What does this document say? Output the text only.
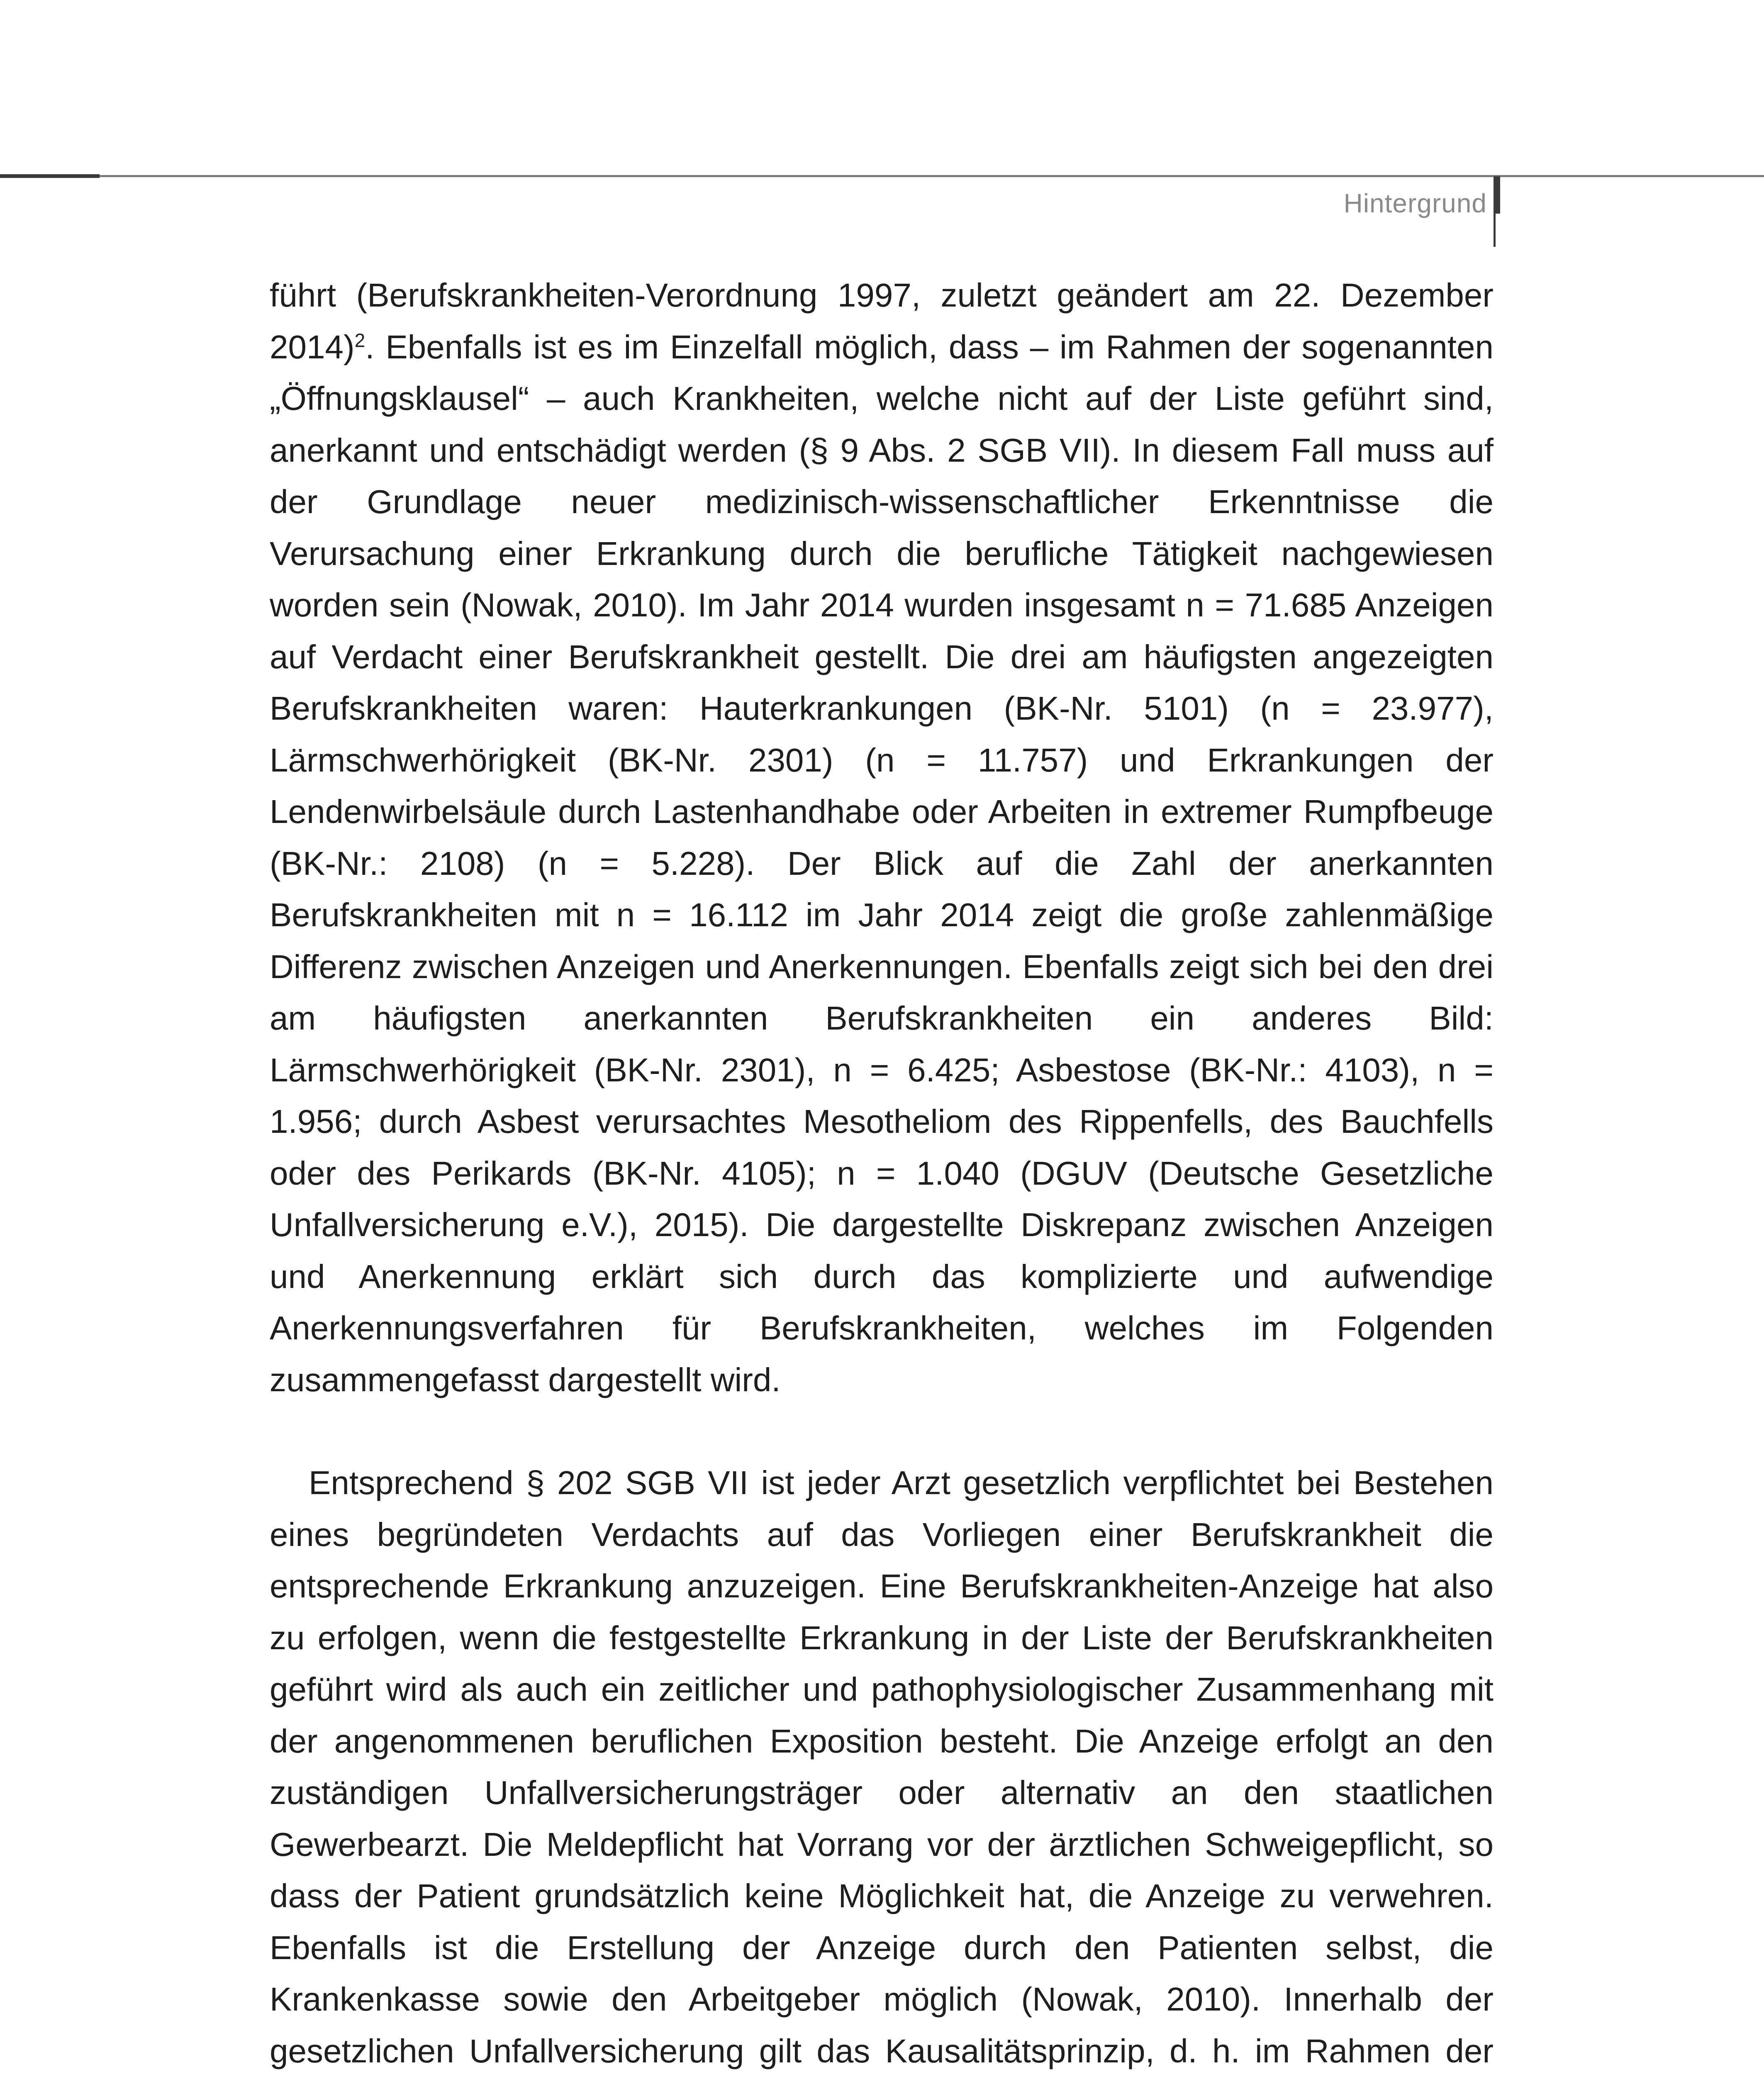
Hintergrund

führt (Berufskrankheiten-Verordnung 1997, zuletzt geändert am 22. Dezember 2014)$^2$. Ebenfalls ist es im Einzelfall möglich, dass – im Rahmen der sogenannten „Öffnungsklausel“ – auch Krankheiten, welche nicht auf der Liste geführt sind, anerkannt und entschädigt werden (§ 9 Abs. 2 SGB VII). In diesem Fall muss auf der Grundlage neuer medizinisch-wissenschaftlicher Erkenntnisse die Verursachung einer Erkrankung durch die berufliche Tätigkeit nachgewiesen worden sein (Nowak, 2010). Im Jahr 2014 wurden insgesamt n = 71.685 Anzeigen auf Verdacht einer Berufskrankheit gestellt. Die drei am häufigsten angezeigten Berufskrankheiten waren: Hauterkrankungen (BK-Nr. 5101) (n = 23.977), Lärmschwerhörigkeit (BK-Nr. 2301) (n = 11.757) und Erkrankungen der Lendenwirbelsäule durch Lastenhandhabe oder Arbeiten in extremer Rumpfbeuge (BK-Nr.: 2108) (n = 5.228). Der Blick auf die Zahl der anerkannten Berufskrankheiten mit n = 16.112 im Jahr 2014 zeigt die große zahlenmäßige Differenz zwischen Anzeigen und Anerkennungen. Ebenfalls zeigt sich bei den drei am häufigsten anerkannten Berufskrankheiten ein anderes Bild: Lärmschwerhörigkeit (BK-Nr. 2301), n = 6.425; Asbestose (BK-Nr.: 4103), n = 1.956; durch Asbest verursachtes Mesotheliom des Rippenfells, des Bauchfells oder des Perikards (BK-Nr. 4105); n = 1.040 (DGUV (Deutsche Gesetzliche Unfallversicherung e.V.), 2015). Die dargestellte Diskrepanz zwischen Anzeigen und Anerkennung erklärt sich durch das komplizierte und aufwendige Anerkennungsverfahren für Berufskrankheiten, welches im Folgenden zusammengefasst dargestellt wird.

Entsprechend § 202 SGB VII ist jeder Arzt gesetzlich verpflichtet bei Bestehen eines begründeten Verdachts auf das Vorliegen einer Berufskrankheit die entsprechende Erkrankung anzuzeigen. Eine Berufskrankheiten-Anzeige hat also zu erfolgen, wenn die festgestellte Erkrankung in der Liste der Berufskrankheiten geführt wird als auch ein zeitlicher und pathophysiologischer Zusammenhang mit der angenommenen beruflichen Exposition besteht. Die Anzeige erfolgt an den zuständigen Unfallversicherungsträger oder alternativ an den staatlichen Gewerbearzt. Die Meldepflicht hat Vorrang vor der ärztlichen Schweigepflicht, so dass der Patient grundsätzlich keine Möglichkeit hat, die Anzeige zu verwehren. Ebenfalls ist die Erstellung der Anzeige durch den Patienten selbst, die Krankenkasse sowie den Arbeitgeber möglich (Nowak, 2010). Innerhalb der gesetzlichen Unfallversicherung gilt das Kausalitätsprinzip, d. h. im Rahmen der
